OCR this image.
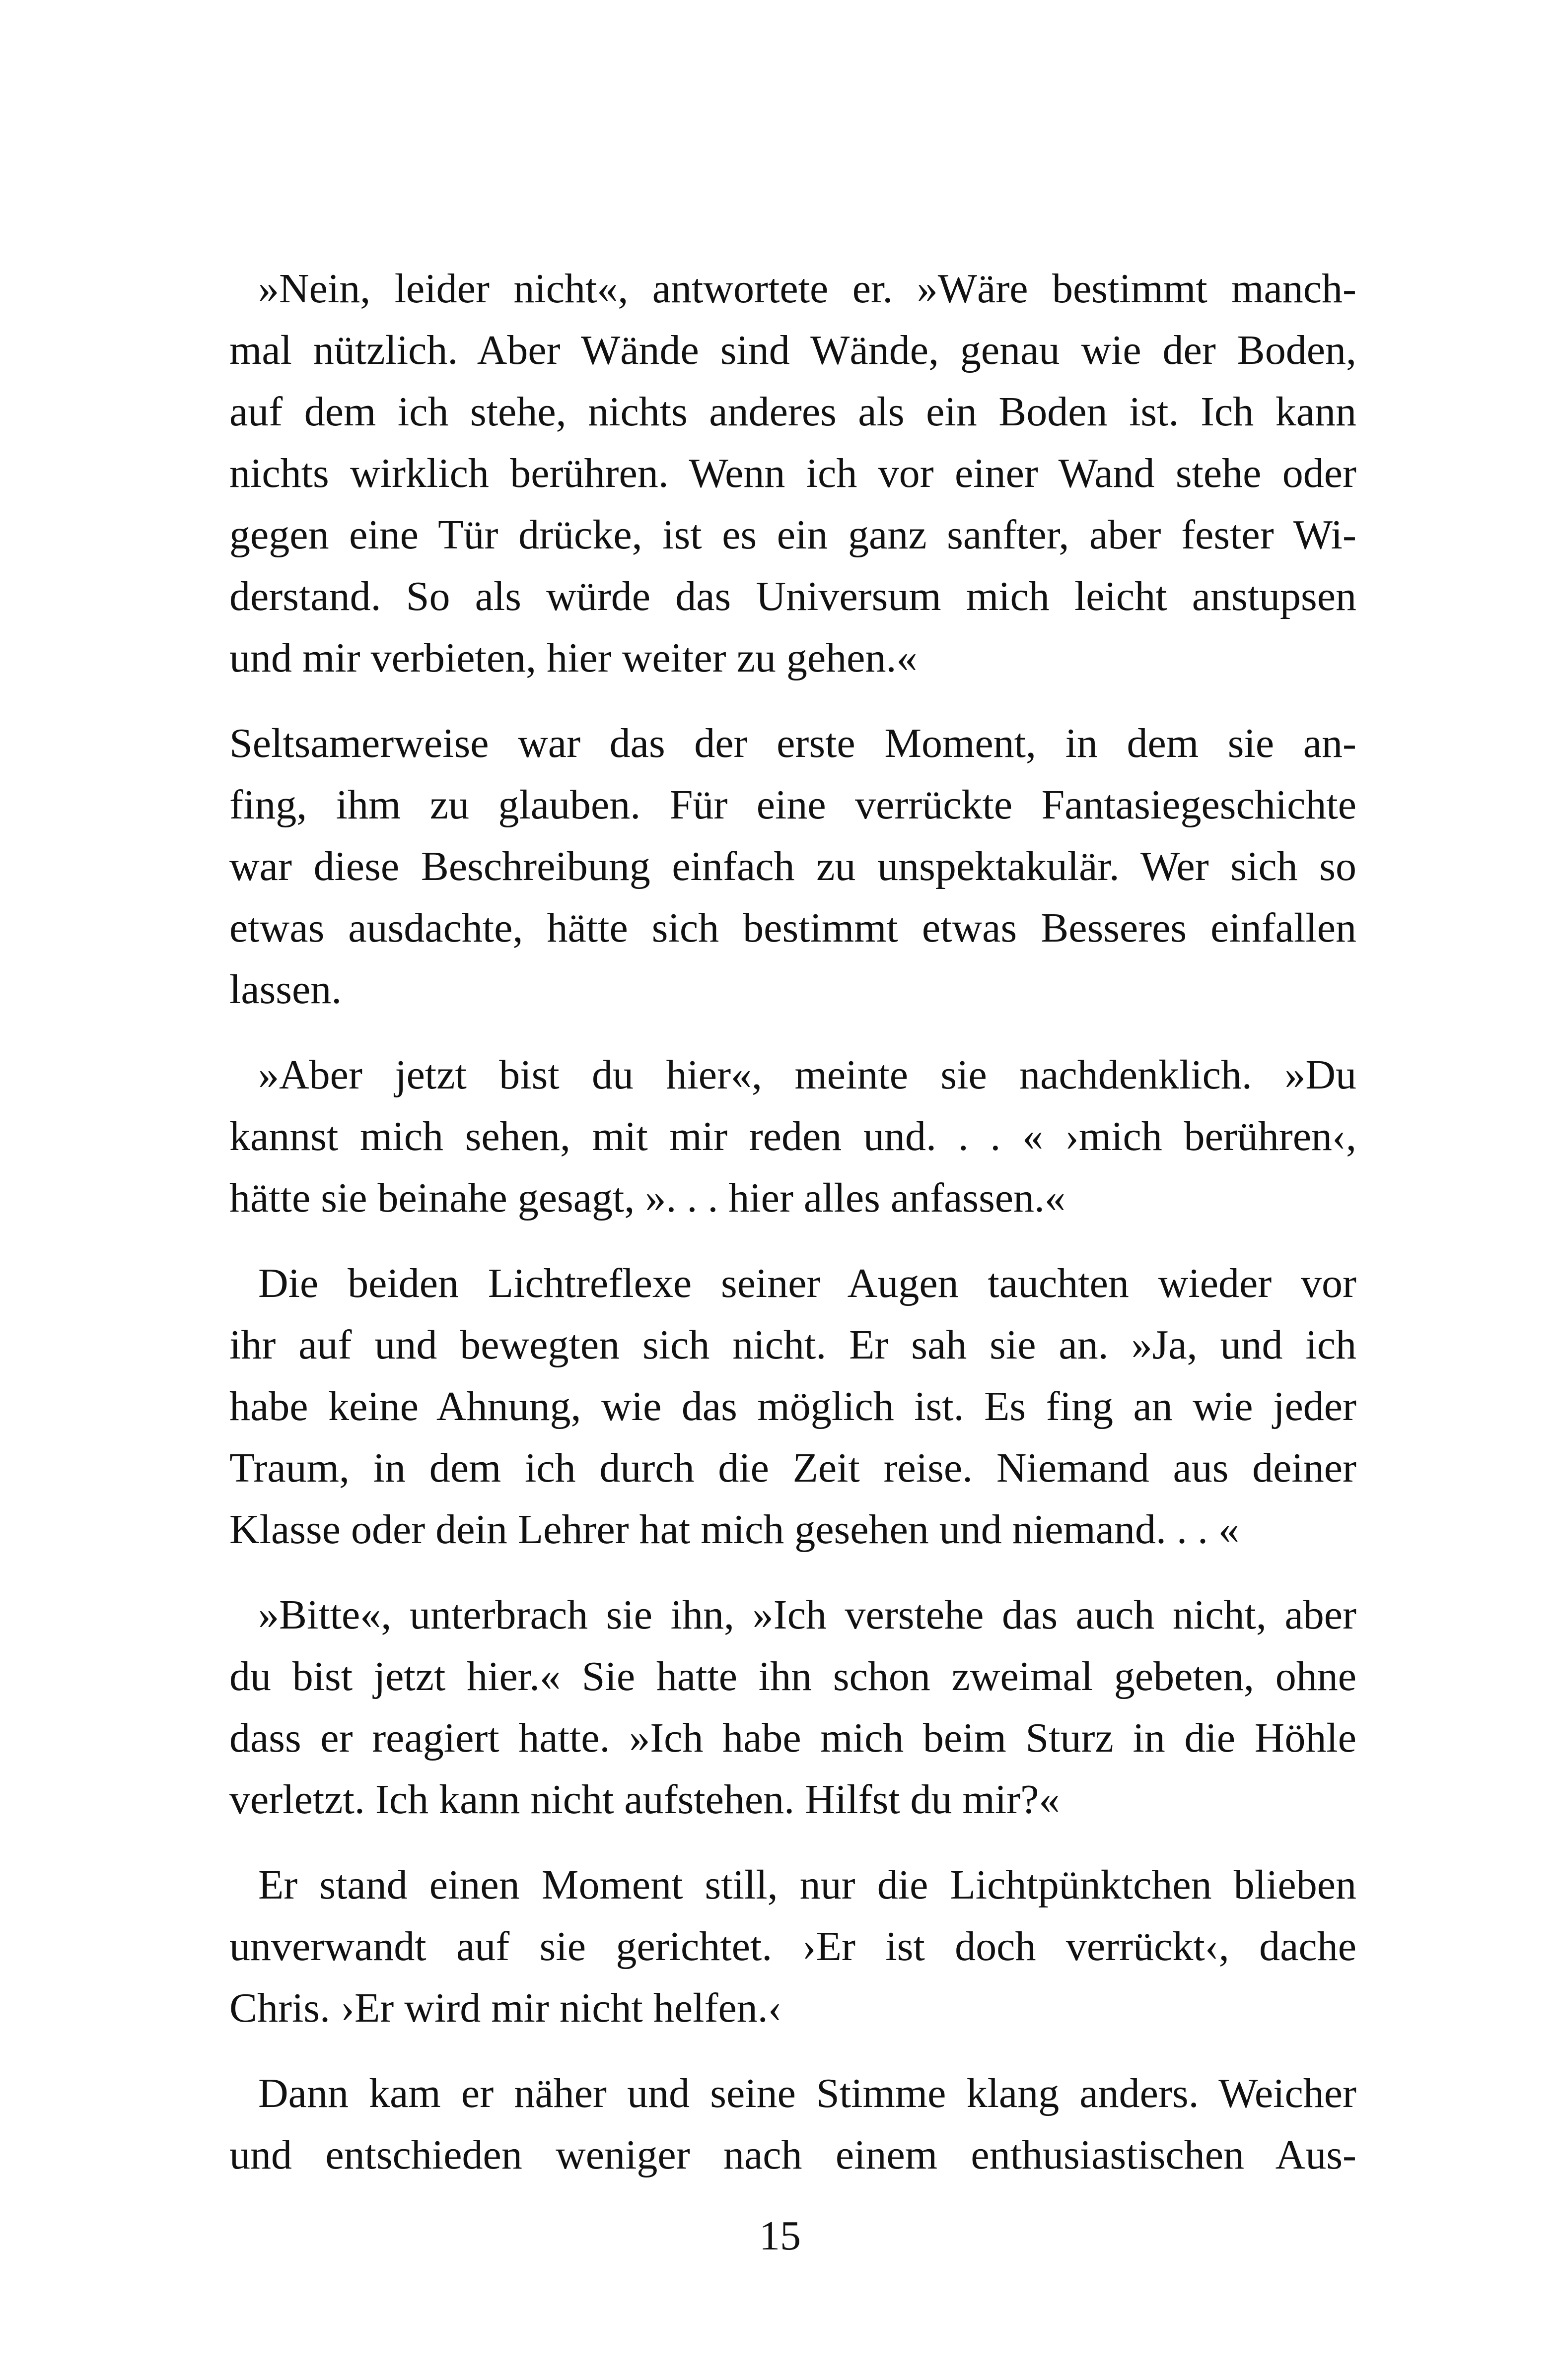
»Nein, leider nicht«, antwortete er. »Wäre bestimmt manch-
mal nützlich. Aber Wände sind Wände, genau wie der Boden,
auf dem ich stehe, nichts anderes als ein Boden ist. Ich kann
nichts wirklich berühren. Wenn ich vor einer Wand stehe oder
gegen eine Tür drücke, ist es ein ganz sanfter, aber fester Wi-
derstand. So als würde das Universum mich leicht anstupsen
und mir verbieten, hier weiter zu gehen.«

Seltsamerweise war das der erste Moment, in dem sie an-
fing, ihm zu glauben. Für eine verrückte Fantasiegeschichte
war diese Beschreibung einfach zu unspektakulär. Wer sich so
etwas ausdachte, hätte sich bestimmt etwas Besseres einfallen
lassen.

»Aber jetzt bist du hier«, meinte sie nachdenklich. »Du
kannst mich sehen, mit mir reden und. . . « ›mich berühren‹,
hätte sie beinahe gesagt, ». . . hier alles anfassen.«

Die beiden Lichtreflexe seiner Augen tauchten wieder vor
ihr auf und bewegten sich nicht. Er sah sie an. »Ja, und ich
habe keine Ahnung, wie das möglich ist. Es fing an wie jeder
Traum, in dem ich durch die Zeit reise. Niemand aus deiner
Klasse oder dein Lehrer hat mich gesehen und niemand. . . «

»Bitte«, unterbrach sie ihn, »Ich verstehe das auch nicht, aber
du bist jetzt hier.« Sie hatte ihn schon zweimal gebeten, ohne
dass er reagiert hatte. »Ich habe mich beim Sturz in die Höhle
verletzt. Ich kann nicht aufstehen. Hilfst du mir?«

Er stand einen Moment still, nur die Lichtpünktchen blieben
unverwandt auf sie gerichtet. ›Er ist doch verrückt‹, dache
Chris. ›Er wird mir nicht helfen.‹

Dann kam er näher und seine Stimme klang anders. Weicher
und entschieden weniger nach einem enthusiastischen Aus-

15
